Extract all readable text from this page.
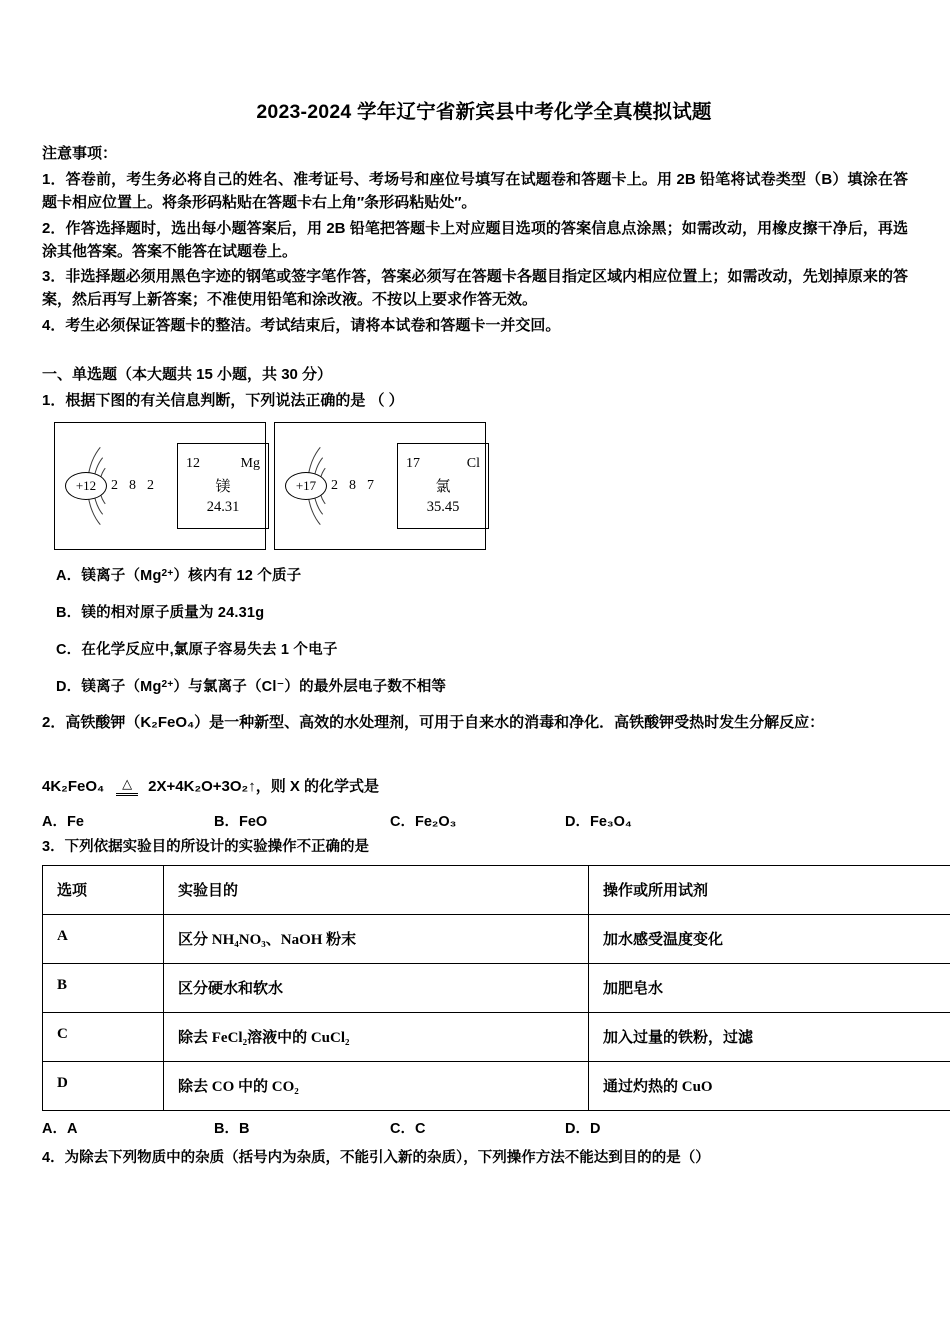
2023-2024 学年辽宁省新宾县中考化学全真模拟试题
注意事项：

1．答卷前，考生务必将自己的姓名、准考证号、考场号和座位号填写在试题卷和答题卡上。用 2B 铅笔将试卷类型（B）填涂在答题卡相应位置上。将条形码粘贴在答题卡右上角″条形码粘贴处″。

2．作答选择题时，选出每小题答案后，用 2B 铅笔把答题卡上对应题目选项的答案信息点涂黑；如需改动，用橡皮擦干净后，再选涂其他答案。答案不能答在试题卷上。

3．非选择题必须用黑色字迹的钢笔或签字笔作答，答案必须写在答题卡各题目指定区域内相应位置上；如需改动，先划掉原来的答案，然后再写上新答案；不准使用铅笔和涂改液。不按以上要求作答无效。

4．考生必须保证答题卡的整洁。考试结束后，请将本试卷和答题卡一并交回。

一、单选题（本大题共 15 小题，共 30 分）
1．根据下图的有关信息判断，下列说法正确的是 （ ）
+12	2 8 2
12	Mg
镁
24.31
+17	2 8 7
17	Cl
氯
35.45
A．镁离子$(Mg^{2+})$核内有 12 个质子
B．镁的相对原子质量为 24.31g
C．在化学反应中,氯原子容易失去 1 个电子
D．镁离子$(Mg^{2+})$与氯离子（Cl⁻）的最外层电子数不相等
2．高铁酸钾（K₂FeO₄）是一种新型、高效的水处理剂，可用于自来水的消毒和净化．高铁酸钾受热时发生分解反应：
4K₂FeO₄ △ 2X+4K₂O+3O₂↑，则 X 的化学式是
A．Fe	B．FeO	C．Fe₂O₃	D．Fe₃O₄
3．下列依据实验目的所设计的实验操作不正确的是
选项	实验目的	操作或所用试剂
A	区分 NH₄NO₃、NaOH 粉末	加水感受温度变化
B	区分硬水和软水	加肥皂水
C	除去 FeCl₂溶液中的 CuCl₂	加入过量的铁粉，过滤
D	除去 CO 中的 CO₂	通过灼热的 CuO
A．A	B．B	C．C	D．D
4．为除去下列物质中的杂质（括号内为杂质，不能引入新的杂质），下列操作方法不能达到目的的是（）
